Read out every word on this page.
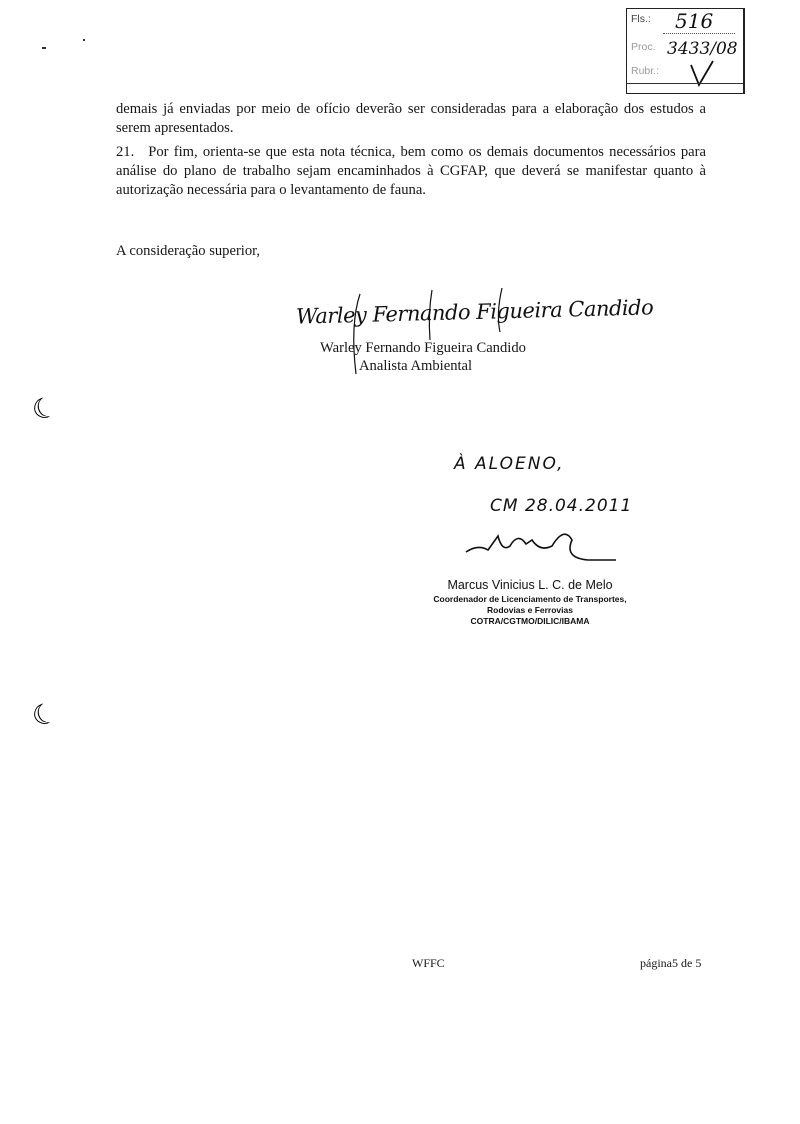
Fls.: 516
Proc. 3433/08
Rubr.:
demais já enviadas por meio de ofício deverão ser consideradas para a elaboração dos estudos a serem apresentados.
21. Por fim, orienta-se que esta nota técnica, bem como os demais documentos necessários para análise do plano de trabalho sejam encaminhados à CGFAP, que deverá se manifestar quanto à autorização necessária para o levantamento de fauna.
A consideração superior,
Warley Fernando Figueira Candido
Warley Fernando Figueira Candido
Analista Ambiental
☾
☾
À ALOENO,
CM 28.04.2011
Marcus Vinicius L. C. de Melo
Coordenador de Licenciamento de Transportes,
Rodovias e Ferrovias
COTRA/CGTMO/DILIC/IBAMA
WFFC	página5 de 5
